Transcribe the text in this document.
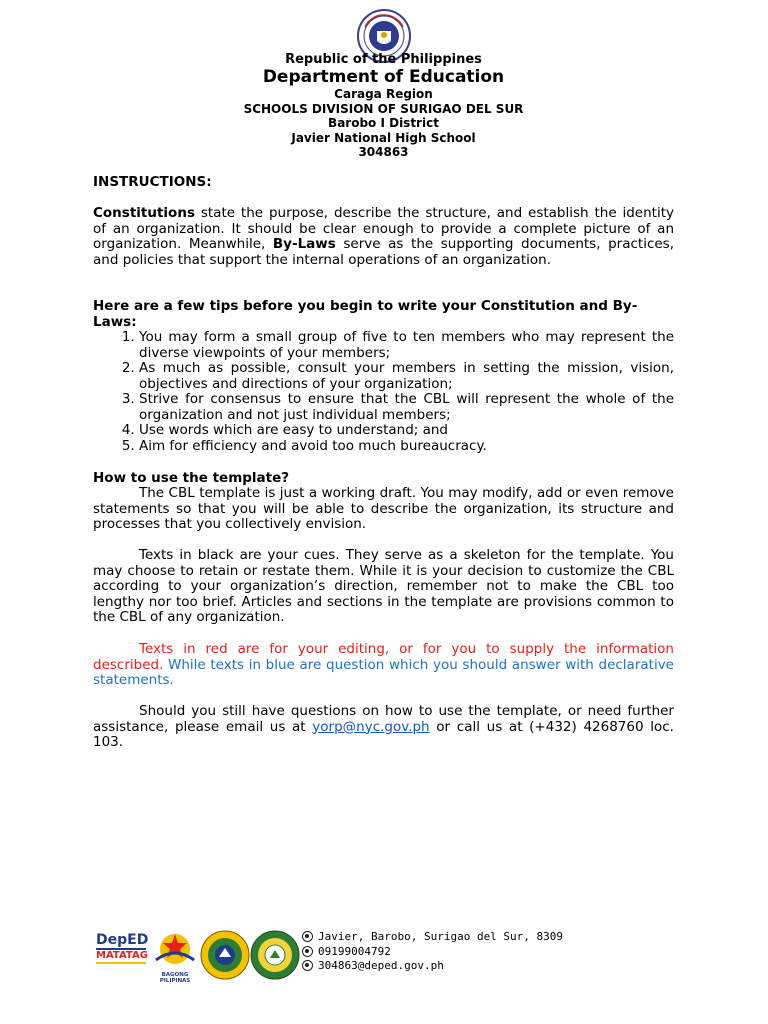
Republic of the Philippines
Department of Education
Caraga Region
SCHOOLS DIVISION OF SURIGAO DEL SUR
Barobo I District
Javier National High School
304863
INSTRUCTIONS:
Constitutions state the purpose, describe the structure, and establish the identity of an organization. It should be clear enough to provide a complete picture of an organization. Meanwhile, By-Laws serve as the supporting documents, practices, and policies that support the internal operations of an organization.
Here are a few tips before you begin to write your Constitution and By-Laws:
1. You may form a small group of five to ten members who may represent the diverse viewpoints of your members;
2. As much as possible, consult your members in setting the mission, vision, objectives and directions of your organization;
3. Strive for consensus to ensure that the CBL will represent the whole of the organization and not just individual members;
4. Use words which are easy to understand; and
5. Aim for efficiency and avoid too much bureaucracy.
How to use the template?
The CBL template is just a working draft. You may modify, add or even remove statements so that you will be able to describe the organization, its structure and processes that you collectively envision.
Texts in black are your cues. They serve as a skeleton for the template. You may choose to retain or restate them. While it is your decision to customize the CBL according to your organization’s direction, remember not to make the CBL too lengthy nor too brief. Articles and sections in the template are provisions common to the CBL of any organization.
Texts in red are for your editing, or for you to supply the information described. While texts in blue are question which you should answer with declarative statements.
Should you still have questions on how to use the template, or need further assistance, please email us at yorp@nyc.gov.ph or call us at (+432) 4268760 loc. 103.
DepED
MATATAG
BAGONG PILIPINAS
Javier, Barobo, Surigao del Sur, 8309
09199004792
304863@deped.gov.ph
